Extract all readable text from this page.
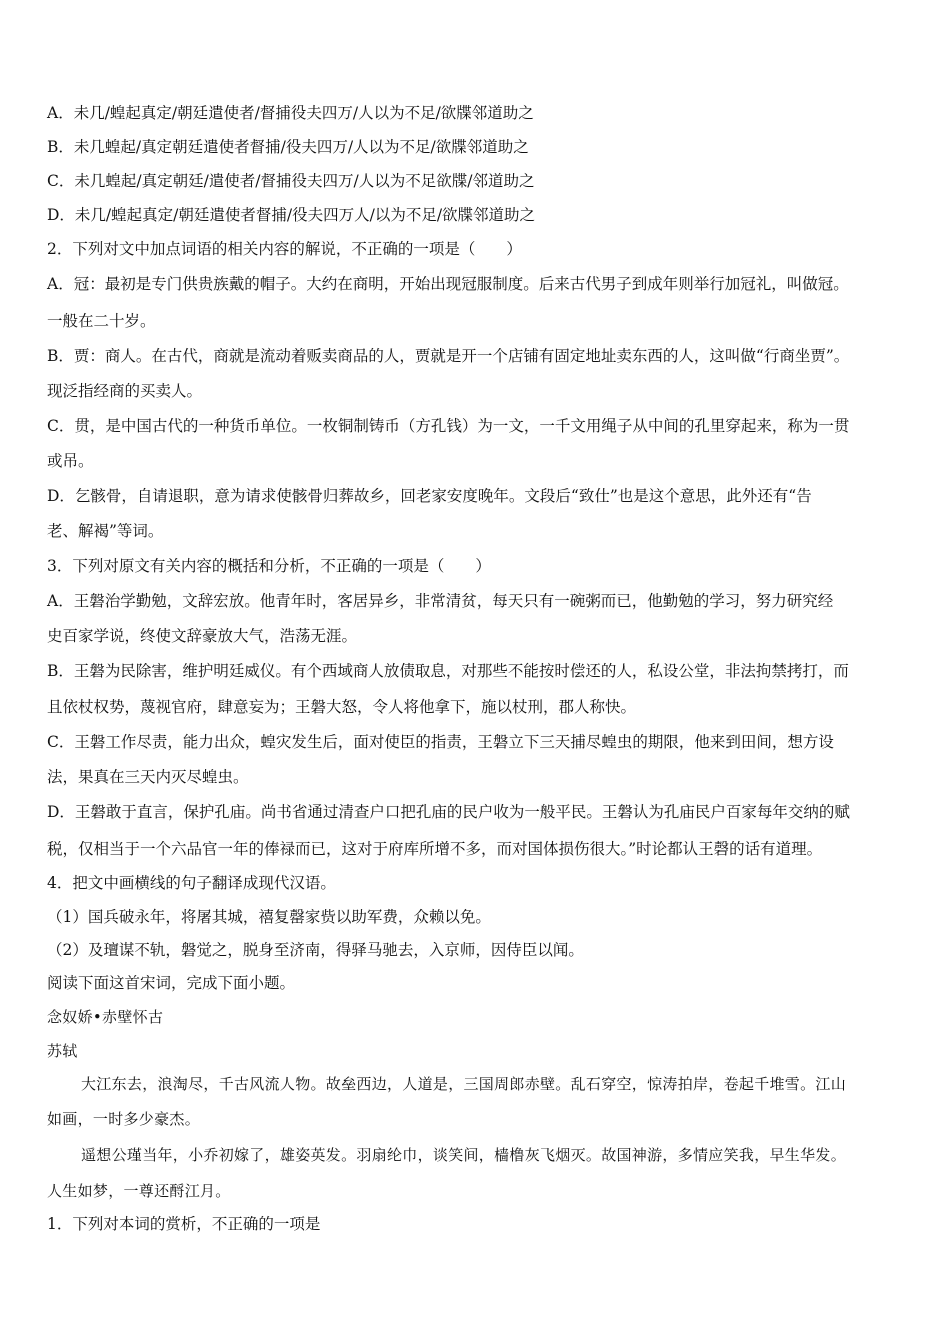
A．未几/蝗起真定/朝廷遣使者/督捕役夫四万/人以为不足/欲牒邻道助之
B．未几蝗起/真定朝廷遣使者督捕/役夫四万/人以为不足/欲牒邻道助之
C．未几蝗起/真定朝廷/遣使者/督捕役夫四万/人以为不足欲牒/邻道助之
D．未几/蝗起真定/朝廷遣使者督捕/役夫四万人/以为不足/欲牒邻道助之
2．下列对文中加点词语的相关内容的解说，不正确的一项是（　　）
A．冠：最初是专门供贵族戴的帽子。大约在商明，开始出现冠服制度。后来古代男子到成年则举行加冠礼，叫做冠。
一般在二十岁。
B．贾：商人。在古代，商就是流动着贩卖商品的人，贾就是开一个店铺有固定地址卖东西的人，这叫做“行商坐贾”。
现泛指经商的买卖人。
C．贯，是中国古代的一种货币单位。一枚铜制铸币（方孔钱）为一文，一千文用绳子从中间的孔里穿起来，称为一贯
或吊。
D．乞骸骨，自请退职，意为请求使骸骨归葬故乡，回老家安度晚年。文段后“致仕”也是这个意思，此外还有“告
老、解褐”等词。
3．下列对原文有关内容的概括和分析，不正确的一项是（　　）
A．王磐治学勤勉，文辞宏放。他青年时，客居异乡，非常清贫，每天只有一碗粥而已，他勤勉的学习，努力研究经
史百家学说，终使文辞豪放大气，浩荡无涯。
B．王磐为民除害，维护明廷威仪。有个西域商人放债取息，对那些不能按时偿还的人，私设公堂，非法拘禁拷打，而
且依杖权势，蔑视官府，肆意妄为；王磐大怒，令人将他拿下，施以杖刑，郡人称快。
C．王磐工作尽责，能力出众，蝗灾发生后，面对使臣的指责，王磐立下三天捕尽蝗虫的期限，他来到田间，想方设
法，果真在三天内灭尽蝗虫。
D．王磐敢于直言，保护孔庙。尚书省通过清查户口把孔庙的民户收为一般平民。王磐认为孔庙民户百家每年交纳的赋
税，仅相当于一个六品官一年的俸禄而已，这对于府库所增不多，而对国体损伤很大。”时论都认王磬的话有道理。
4．把文中画横线的句子翻译成现代汉语。
（1）国兵破永年，将屠其城，禧复罄家赀以助军费，众赖以免。
（2）及璮谋不轨，磐觉之，脱身至济南，得驿马驰去，入京师，因侍臣以闻。
阅读下面这首宋词，完成下面小题。
念奴娇•赤壁怀古
苏轼
大江东去，浪淘尽，千古风流人物。故垒西边，人道是，三国周郎赤壁。乱石穿空，惊涛拍岸，卷起千堆雪。江山
如画，一时多少豪杰。
遥想公瑾当年，小乔初嫁了，雄姿英发。羽扇纶巾，谈笑间，樯橹灰飞烟灭。故国神游，多情应笑我，早生华发。
人生如梦，一尊还酹江月。
1．下列对本词的赏析，不正确的一项是
